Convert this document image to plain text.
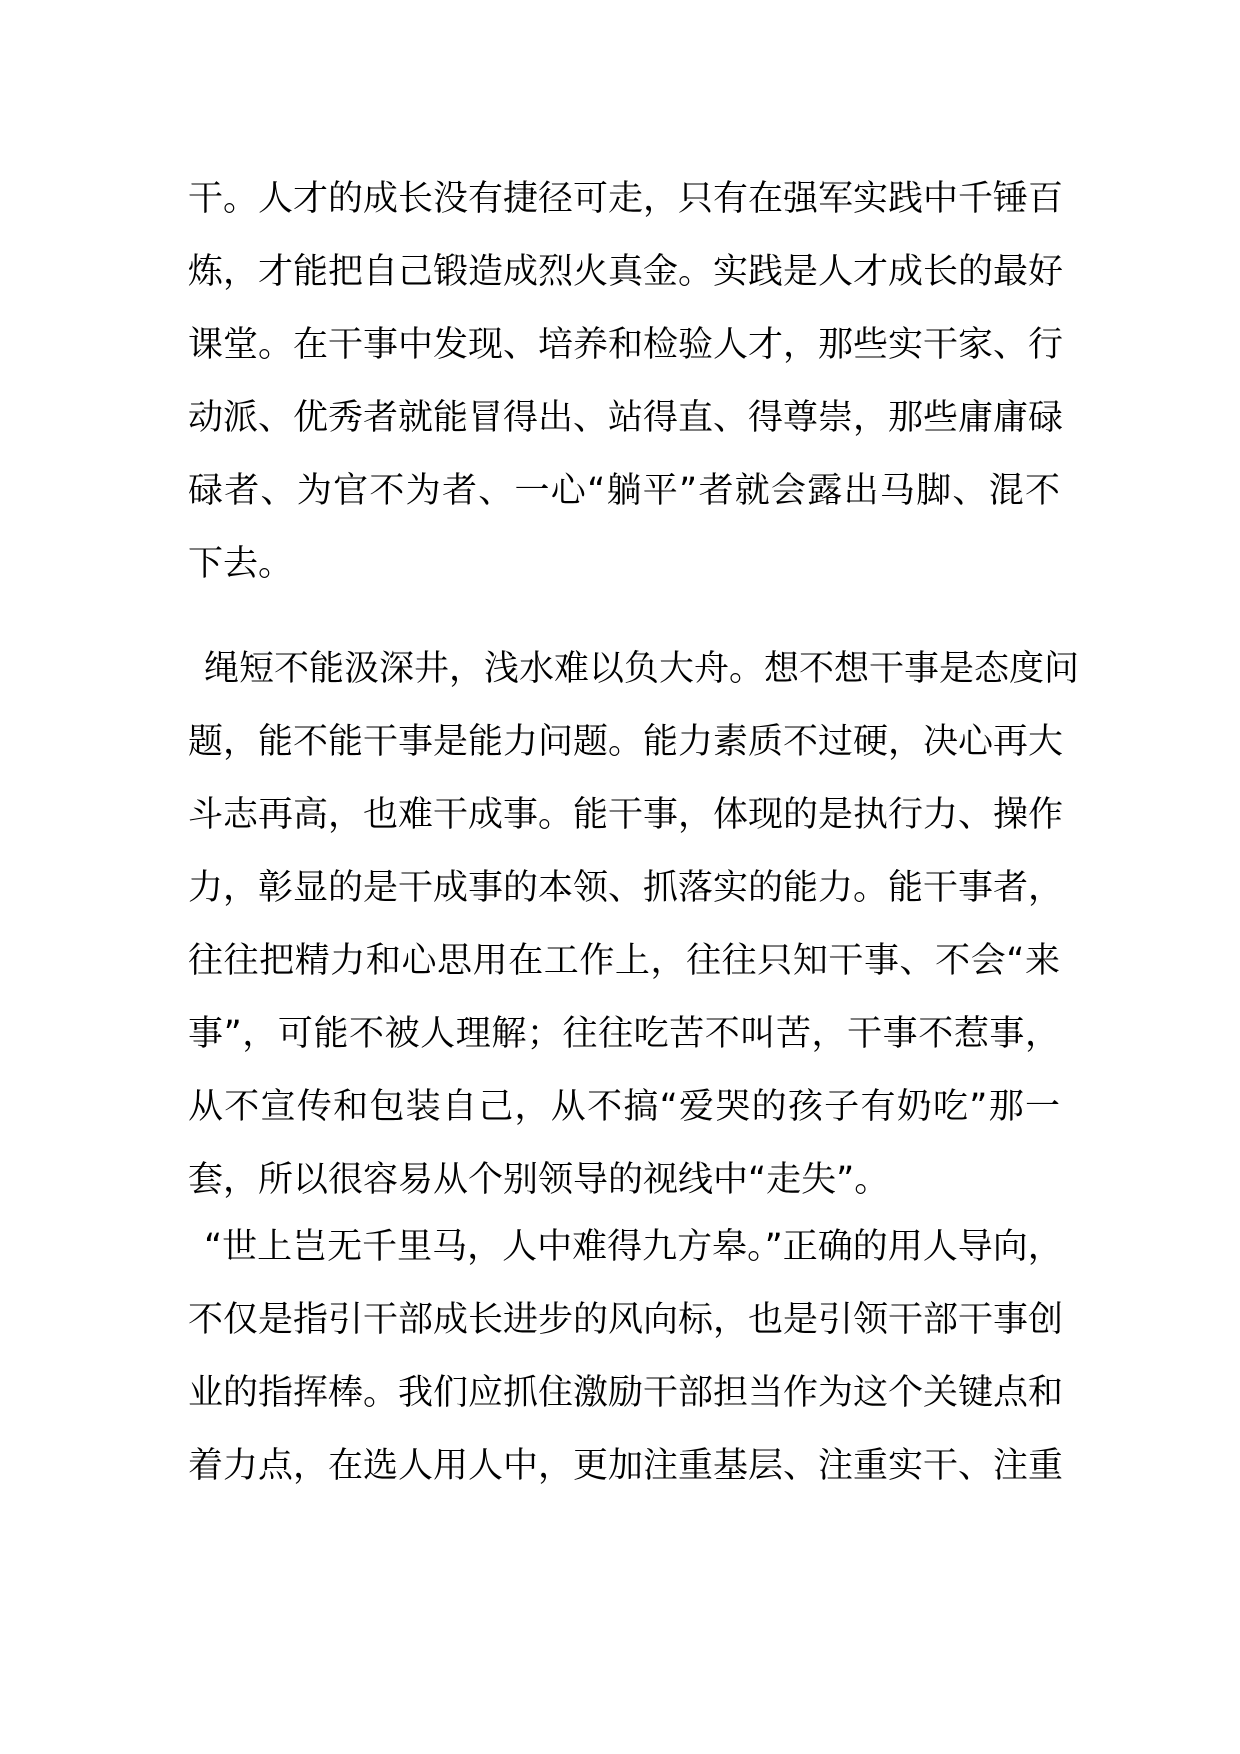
干。人才的成长没有捷径可走，只有在强军实践中千锤百
炼，才能把自己锻造成烈火真金。实践是人才成长的最好
课堂。在干事中发现、培养和检验人才，那些实干家、行
动派、优秀者就能冒得出、站得直、得尊崇，那些庸庸碌
碌者、为官不为者、一心“躺平”者就会露出马脚、混不
下去。
绳短不能汲深井，浅水难以负大舟。想不想干事是态度问
题，能不能干事是能力问题。能力素质不过硬，决心再大
斗志再高，也难干成事。能干事，体现的是执行力、操作
力，彰显的是干成事的本领、抓落实的能力。能干事者，
往往把精力和心思用在工作上，往往只知干事、不会“来
事”，可能不被人理解；往往吃苦不叫苦，干事不惹事，
从不宣传和包装自己，从不搞“爱哭的孩子有奶吃”那一
套，所以很容易从个别领导的视线中“走失”。
“世上岂无千里马，人中难得九方皋。”正确的用人导向，
不仅是指引干部成长进步的风向标，也是引领干部干事创
业的指挥棒。我们应抓住激励干部担当作为这个关键点和
着力点，在选人用人中，更加注重基层、注重实干、注重
